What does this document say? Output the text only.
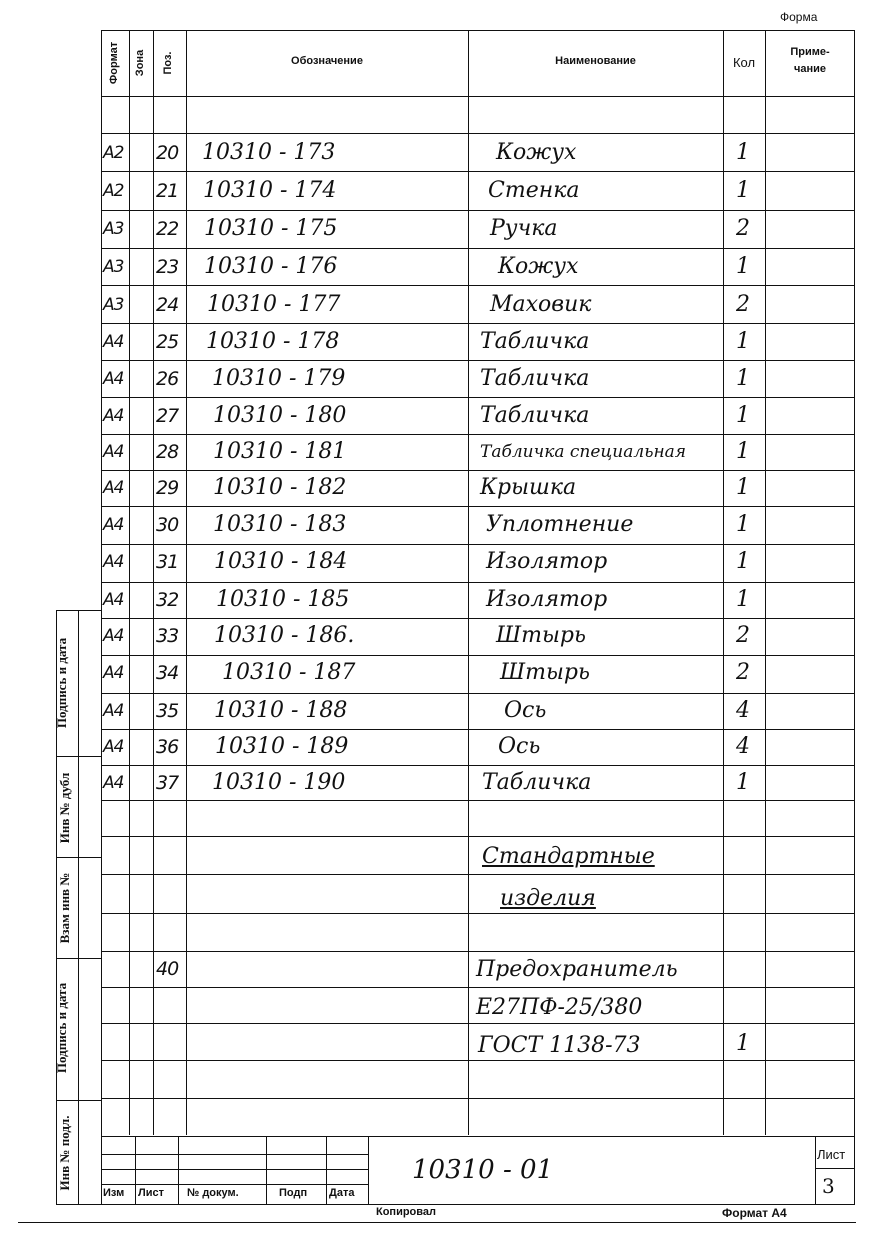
Форма
Подпись и дата
Инв № дубл
Взам инв №
Подпись и дата
Инв № подл.
Формат Зона Поз.	Обозначение	Наименование	Кол
Приме-
чание
A2 20	10310 - 173	Кожух	1
A2 21	10310 - 174	Стенка	1
A3 22	10310 - 175	Ручка	2
A3 23	10310 - 176	Кожух	1
A3 24	10310 - 177	Маховик	2
A4 25	10310 - 178	Табличка	1
A4 26	10310 - 179	Табличка	1
A4 27	10310 - 180	Табличка	1
A4 28	10310 - 181	Табличка специальная	1
A4 29	10310 - 182	Крышка	1
A4 30	10310 - 183	Уплотнение	1
A4 31	10310 - 184	Изолятор	1
A4 32	10310 - 185	Изолятор	1
A4 33	10310 - 186.	Штырь	2
A4 34	10310 - 187	Штырь	2
A4 35	10310 - 188	Ось	4
A4 36	10310 - 189	Ось	4
A4 37	10310 - 190	Табличка	1
Стандартные
изделия
40	Предохранитель
Е27ПФ-25/380
ГОСТ 1138-73	1
Изм Лист № докум.	Подп Дата
10310 - 01
Лист
3
Копировал	Формат А4
